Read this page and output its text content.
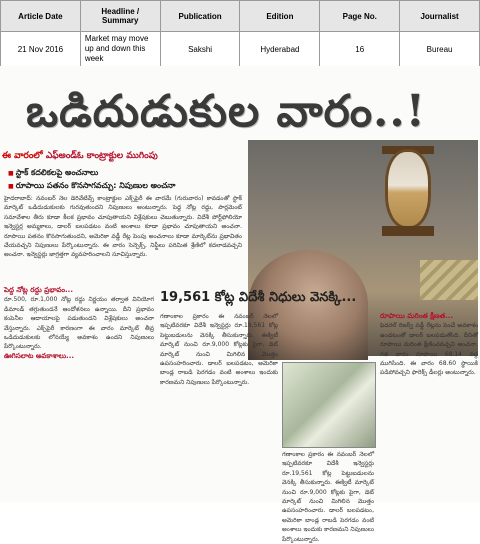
Article Date	Headline / Summary	Publication	Edition	Page No.	Journalist
21 Nov 2016	Market may move up and down this week	Sakshi	Hyderabad	16	Bureau
ఒడిదుడుకుల వారం..!
ఈ వారంలో ఎఫ్‌అండ్‌ఓ కాంట్రాక్టుల ముగింపు
■ స్టాక్ కదలికలపై అంచనాలు
■ రూపాయి పతనం కొనసాగవచ్చు: నిపుణుల అంచనా

హైదరాబాద్: నవంబర్ నెల డెరివేటివ్స్ కాంట్రాక్టుల ఎక్స్‌పైరీ ఈ వారమే (గురువారం) కావడంతో స్టాక్ మార్కెట్ ఒడిదుడుకులకు గురవుతుందని నిపుణులు అంటున్నారు. పెద్ద నోట్ల రద్దు, పార్లమెంట్ సమావేశాల తీరు కూడా కీలక ప్రభావం చూపుతాయని విశ్లేషకులు చెబుతున్నారు. విదేశీ పోర్ట్‌ఫోలియో ఇన్వెస్టర్ల అమ్మకాలు, డాలర్ బలపడటం వంటి అంశాలు కూడా ప్రభావం చూపుతాయని అంచనా. రూపాయి పతనం కొనసాగుతుందని, అమెరికా వడ్డీ రేట్ల పెంపు అంచనాలు కూడా మార్కెట్‌ను ప్రభావితం చేయవచ్చని నిపుణులు పేర్కొంటున్నారు. ఈ వారం సెన్సెక్స్, నిఫ్టీలు పరిమిత శ్రేణిలో కదలాడవచ్చని అంచనా. ఇన్వెస్టర్లు జాగ్రత్తగా వ్యవహరించాలని సూచిస్తున్నారు.

పెద్ద నోట్ల రద్దు ప్రభావం...

రూ.500, రూ.1,000 నోట్ల రద్దు నిర్ణయం తర్వాత వినియోగ డిమాండ్ తగ్గుతుందనే ఆందోళనలు ఉన్నాయి. దీని ప్రభావం కంపెనీల ఆదాయాలపై పడుతుందని విశ్లేషకులు అంచనా వేస్తున్నారు. ఎక్స్‌పైరీ కారణంగా ఈ వారం మార్కెట్ తీవ్ర ఒడిదుడుకులకు లోనయ్యే అవకాశం ఉందని నిపుణులు పేర్కొంటున్నారు.

ఊగిసలాట అవకాశాలు...

19,561 కోట్ల విదేశీ నిధులు వెనక్కి...

గణాంకాల ప్రకారం ఈ నవంబర్ నెలలో ఇప్పటివరకూ విదేశీ ఇన్వెస్టర్లు రూ.19,561 కోట్ల పెట్టుబడులను వెనక్కి తీసుకున్నారు. ఈక్విటీ మార్కెట్ నుంచి రూ.9,000 కోట్లకు పైగా, డెట్ మార్కెట్ నుంచి మిగిలిన మొత్తం ఉపసంహరించారు. డాలర్ బలపడటం, అమెరికా బాండ్ల రాబడి పెరగడం వంటి అంశాలు ఇందుకు కారణమని నిపుణులు పేర్కొంటున్నారు.

గణాంకాల ప్రకారం ఈ నవంబర్ నెలలో ఇప్పటివరకూ విదేశీ ఇన్వెస్టర్లు రూ.19,561 కోట్ల పెట్టుబడులను వెనక్కి తీసుకున్నారు. ఈక్విటీ మార్కెట్ నుంచి రూ.9,000 కోట్లకు పైగా, డెట్ మార్కెట్ నుంచి మిగిలిన మొత్తం ఉపసంహరించారు. డాలర్ బలపడటం, అమెరికా బాండ్ల రాబడి పెరగడం వంటి అంశాలు ఇందుకు కారణమని నిపుణులు పేర్కొంటున్నారు.

రూపాయి మరింత క్షీణత...

ఫెడరల్ రిజర్వ్ వడ్డీ రేట్లను పెంచే అవకాశం ఉండటంతో డాలర్ బలపడుతోంది. దీనితో రూపాయి మరింత క్షీణించవచ్చని అంచనా. గత వారం రూపాయి 68.14 వద్ద ముగిసింది. ఈ వారం 68.60 స్థాయికి పడిపోవచ్చని ఫారెక్స్ డీలర్లు అంటున్నారు.
